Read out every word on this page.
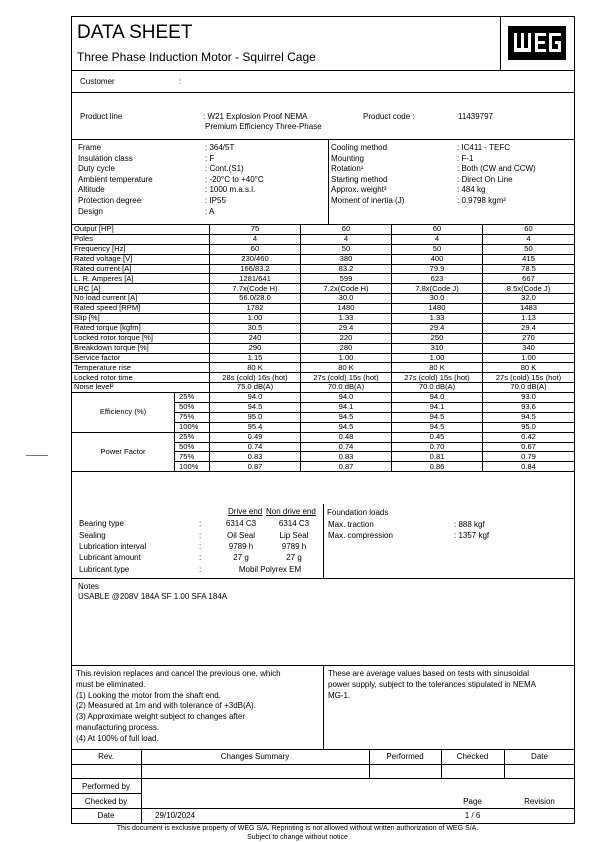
DATA SHEET
Three Phase Induction Motor - Squirrel Cage
Customer	:
Product line	: W21 Explosion Proof NEMA
Premium Efficiency Three-Phase
Product code :	11439797
Frame	: 364/5T
Insulation class	: F
Duty cycle	: Cont.(S1)
Ambient temperature	: -20°C to +40°C
Altitude	: 1000 m.a.s.l.
Protection degree	: IP55
Design	: A
Cooling method	: IC411 - TEFC
Mounting	: F-1
Rotation¹	: Both (CW and CCW)
Starting method	: Direct On Line
Approx. weight³	: 484 kg
Moment of inertia (J)	: 0.9798 kgm²
Output [HP]		75	60	60	60
Poles		4	4	4	4
Frequency [Hz]		60	50	50	50
Rated voltage [V]		230/460	380	400	415
Rated current [A]		166/83.2	83.2	79.9	78.5
L. R. Amperes [A]		1281/641	599	623	667
LRC [A]		7.7x(Code H)	7.2x(Code H)	7.8x(Code J)	8.5x(Code J)
No load current [A]		56.0/28.0	30.0	30.0	32.0
Rated speed [RPM]		1782	1480	1480	1483
Slip [%]		1.00	1.33	1.33	1.13
Rated torque [kgfm]		30.5	29.4	29.4	29.4
Locked rotor torque [%]		240	220	250	270
Breakdown torque [%]		290	280	310	340
Service factor		1.15	1.00	1.00	1.00
Temperature rise		80 K	80 K	80 K	80 K
Locked rotor time		28s (cold) 16s (hot)	27s (cold) 15s (hot)	27s (cold) 15s (hot)	27s (cold) 15s (hot)
Noise level²		75.0 dB(A)	70.0 dB(A)	70.0 dB(A)	70.0 dB(A)
Efficiency (%)	25%	94.0	94.0	94.0	93.0
	50%	94.5	94.1	94.1	93.6
	75%	95.0	94.5	94.5	94.5
	100%	95.4	94.5	94.5	95.0
Power Factor	25%	0.49	0.48	0.45	0.42
	50%	0.74	0.74	0.70	0.67
	75%	0.83	0.83	0.81	0.79
	100%	0.87	0.87	0.86	0.84
Drive end Non drive end
Bearing type	:	6314 C3	6314 C3
Sealing	:	Oil Seal	Lip Seal
Lubrication interval	:	9789 h	9789 h
Lubricant amount	:	27 g	27 g
Lubricant type	:	Mobil Polyrex EM
Foundation loads
Max. traction	: 888 kgf
Max. compression	: 1357 kgf
Notes
USABLE @208V 184A SF 1.00 SFA 184A
This revision replaces and cancel the previous one, which
must be eliminated.
(1) Looking the motor from the shaft end.
(2) Measured at 1m and with tolerance of +3dB(A).
(3) Approximate weight subject to changes after
manufacturing process.
(4) At 100% of full load.
These are average values based on tests with sinusoidal
power supply, subject to the tolerances stipulated in NEMA
MG-1.
Rev.	Changes Summary	Performed	Checked	Date
Performed by
Checked by	Page	Revision
Date	29/10/2024	1 / 6
This document is exclusive property of WEG S/A. Reprinting is not allowed without written authorization of WEG S/A.
Subject to change without notice
